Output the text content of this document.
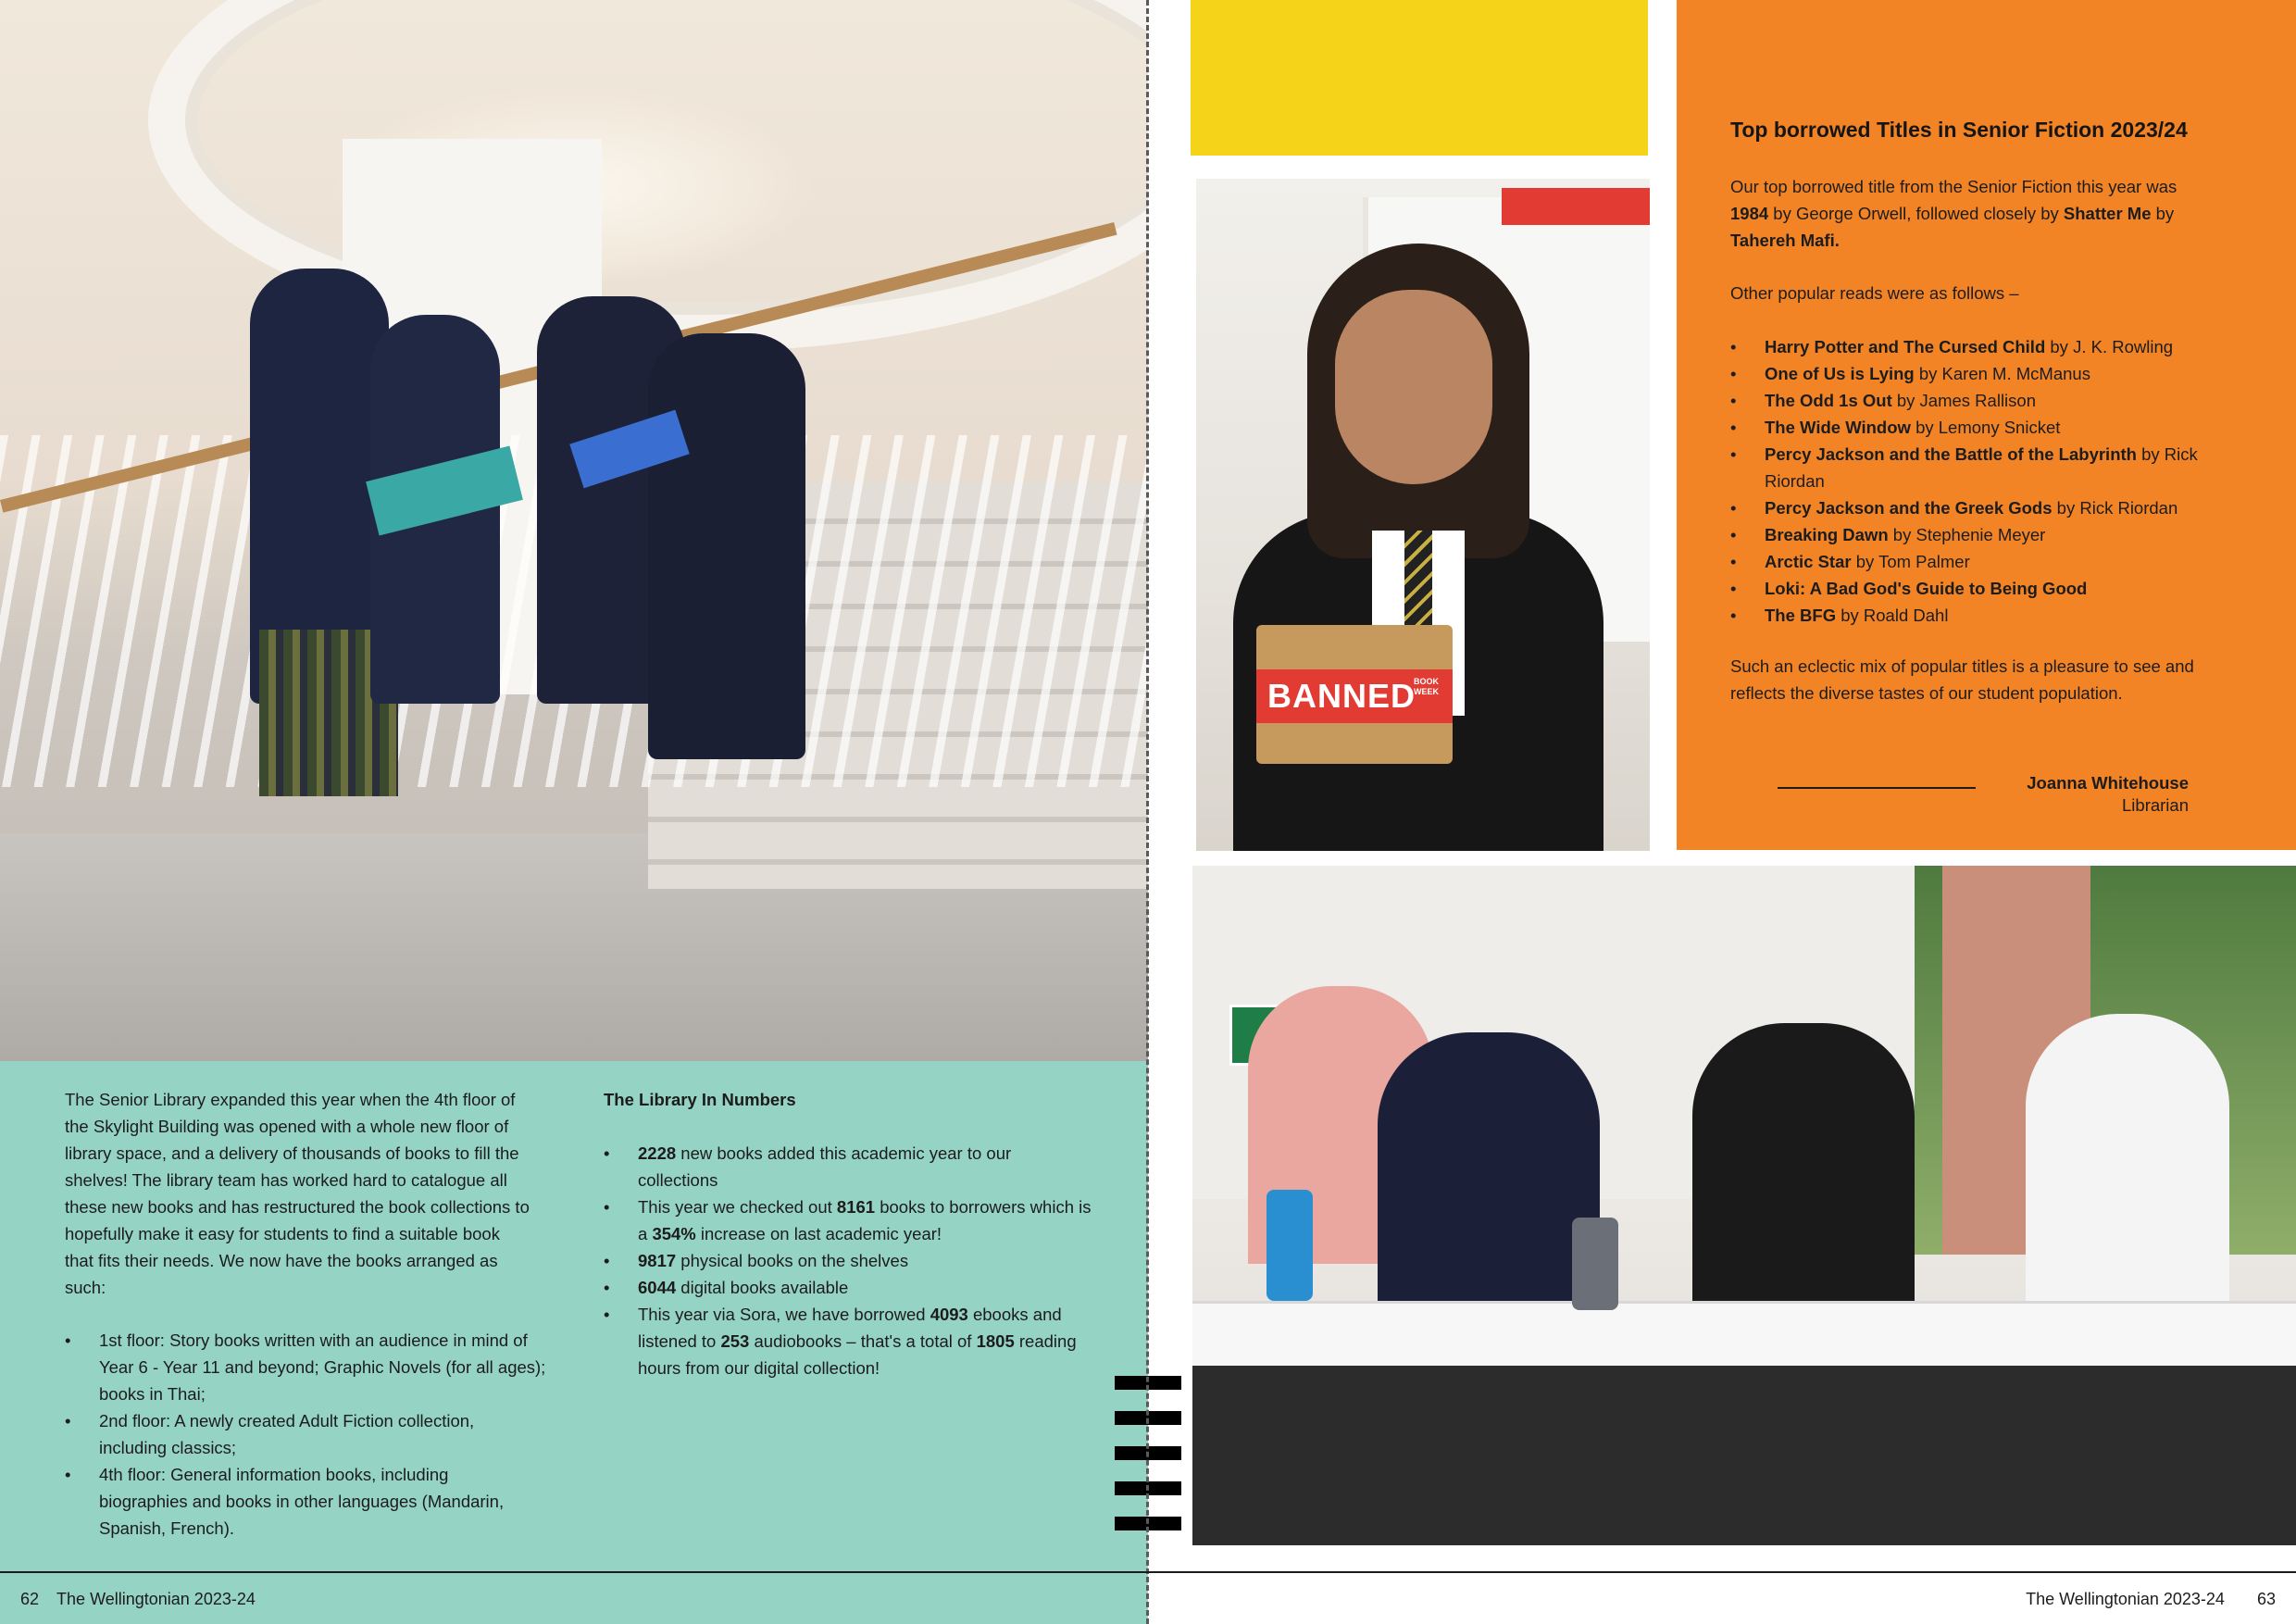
The Senior Library expanded this year when the 4th floor of
the Skylight Building was opened with a whole new floor of
library space, and a delivery of thousands of books to fill the
shelves! The library team has worked hard to catalogue all
these new books and has restructured the book collections to
hopefully make it easy for students to find a suitable book
that fits their needs. We now have the books arranged as
such:
• 1st floor: Story books written with an audience in mind of
Year 6 - Year 11 and beyond; Graphic Novels (for all ages);
books in Thai;
• 2nd floor: A newly created Adult Fiction collection,
including classics;
• 4th floor: General information books, including
biographies and books in other languages (Mandarin,
Spanish, French).
The Library In Numbers
• 2228 new books added this academic year to our
collections
• This year we checked out 8161 books to borrowers which is
a 354% increase on last academic year!
• 9817 physical books on the shelves
• 6044 digital books available
• This year via Sora, we have borrowed 4093 ebooks and
listened to 253 audiobooks – that's a total of 1805 reading
hours from our digital collection!
BANNED
BOOK WEEK
Top borrowed Titles in Senior Fiction 2023/24
Our top borrowed title from the Senior Fiction this year was
1984 by George Orwell, followed closely by Shatter Me by
Tahereh Mafi.
Other popular reads were as follows –
• Harry Potter and The Cursed Child by J. K. Rowling
• One of Us is Lying by Karen M. McManus
• The Odd 1s Out by James Rallison
• The Wide Window by Lemony Snicket
• Percy Jackson and the Battle of the Labyrinth by Rick
Riordan
• Percy Jackson and the Greek Gods by Rick Riordan
• Breaking Dawn by Stephenie Meyer
• Arctic Star by Tom Palmer
• Loki: A Bad God's Guide to Being Good
• The BFG by Roald Dahl
Such an eclectic mix of popular titles is a pleasure to see and
reflects the diverse tastes of our student population.
Joanna Whitehouse
Librarian
62 The Wellingtonian 2023-24	The Wellingtonian 2023-24 63
